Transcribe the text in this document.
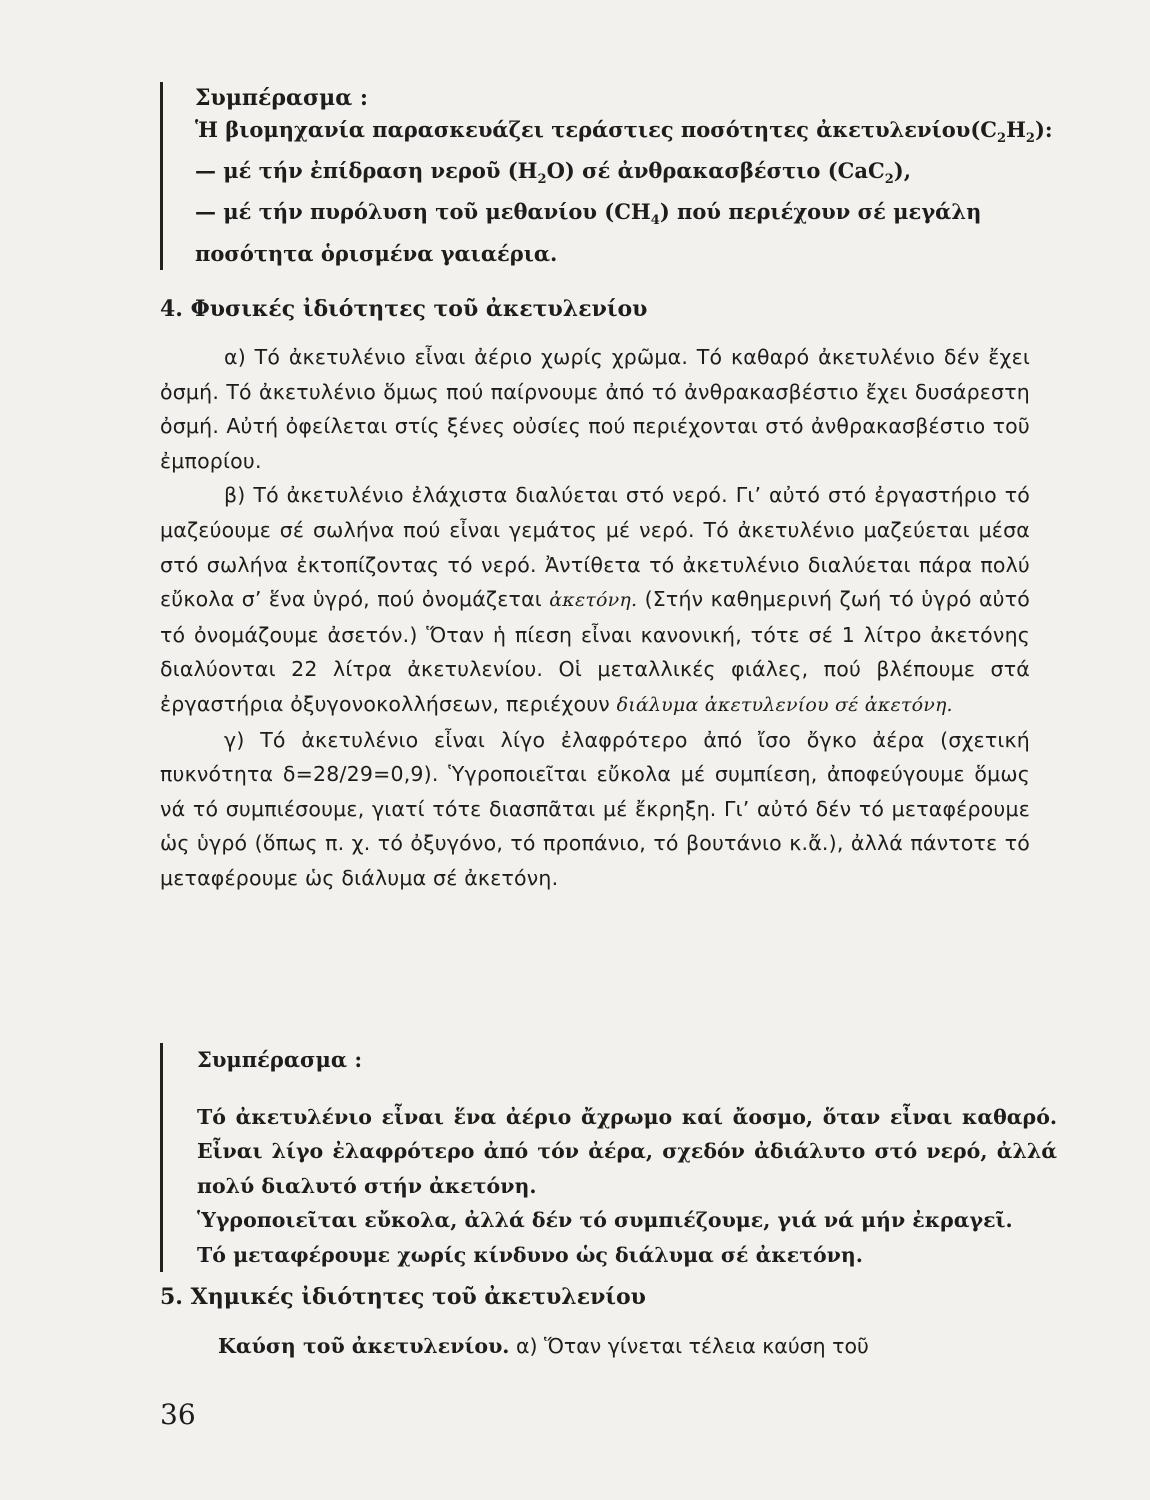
Συμπέρασμα :

Ἡ βιομηχανία παρασκευάζει τεράστιες ποσότητες $ἀ\kappa\varepsilon\tau\upsilon\lambda\varepsilon\nu ίo\upsilon(C_2H_2)$:

— μέ τήν ἐπίδραση νεροῦ $(H_2O)$ σέ ἀνθρακασβέστιο (CaC$_2$),

— μέ τήν πυρόλυση τοῦ μεθανίου $(CH_4)$ πού περιέχουν σέ μεγάλη

ποσότητα ὁρισμένα γαιαέρια.

4. Φυσικές ἰδιότητες τοῦ ἀκετυλενίου

α) Τό ἀκετυλένιο εἶναι ἀέριο χωρίς χρῶμα. Τό καθαρό ἀκετυλένιο δέν ἔχει ὀσμή. Τό ἀκετυλένιο ὅμως πού παίρνουμε ἀπό τό ἀνθρακασβέστιο ἔχει δυσάρεστη ὀσμή. Αὐτή ὀφείλεται στίς ξένες οὐσίες πού περιέχονται στό ἀνθρακασβέστιο τοῦ ἐμπορίου.

β) Τό ἀκετυλένιο ἐλάχιστα διαλύεται στό νερό. Γι’ αὐτό στό ἐργαστήριο τό μαζεύουμε σέ σωλήνα πού εἶναι γεμάτος μέ νερό. Τό ἀκετυλένιο μαζεύεται μέσα στό σωλήνα ἐκτοπίζοντας τό νερό. Ἀντίθετα τό ἀκετυλένιο διαλύεται πάρα πολύ εὔκολα σ’ ἕνα ὑγρό, πού ὀνομάζεται ἀκετόνη. (Στήν καθημερινή ζωή τό ὑγρό αὐτό τό ὀνομάζουμε ἀσετόν.) Ὅταν ἡ πίεση εἶναι κανονική, τότε σέ 1 λίτρο ἀκετόνης διαλύονται 22 λίτρα ἀκετυλενίου. Οἱ μεταλλικές φιάλες, πού βλέπουμε στά ἐργαστήρια ὀξυγονοκολλήσεων, περιέχουν διάλυμα ἀκετυλενίου σέ ἀκετόνη.

γ) Τό ἀκετυλένιο εἶναι λίγο ἐλαφρότερο ἀπό ἴσο ὄγκο ἀέρα (σχετική πυκνότητα δ=28/29=0,9). Ὑγροποιεῖται εὔκολα μέ συμπίεση, ἀποφεύγουμε ὅμως νά τό συμπιέσουμε, γιατί τότε διασπᾶται μέ ἔκρηξη. Γι’ αὐτό δέν τό μεταφέρουμε ὡς ὑγρό (ὅπως π. χ. τό ὀξυγόνο, τό προπάνιο, τό βουτάνιο κ.ἄ.), ἀλλά πάντοτε τό μεταφέρουμε ὡς διάλυμα σέ ἀκετόνη.

Συμπέρασμα :

Τό ἀκετυλένιο εἶναι ἕνα ἀέριο ἄχρωμο καί ἄοσμο, ὅταν εἶναι καθαρό. Εἶναι λίγο ἐλαφρότερο ἀπό τόν ἀέρα, σχεδόν ἀδιάλυτο στό νερό, ἀλλά πολύ διαλυτό στήν ἀκετόνη.

Ὑγροποιεῖται εὔκολα, ἀλλά δέν τό συμπιέζουμε, γιά νά μήν ἐκραγεῖ.

Τό μεταφέρουμε χωρίς κίνδυνο ὡς διάλυμα σέ ἀκετόνη.

5. Χημικές ἰδιότητες τοῦ ἀκετυλενίου
Καύση τοῦ ἀκετυλενίου. α) Ὅταν γίνεται τέλεια καύση τοῦ
36
